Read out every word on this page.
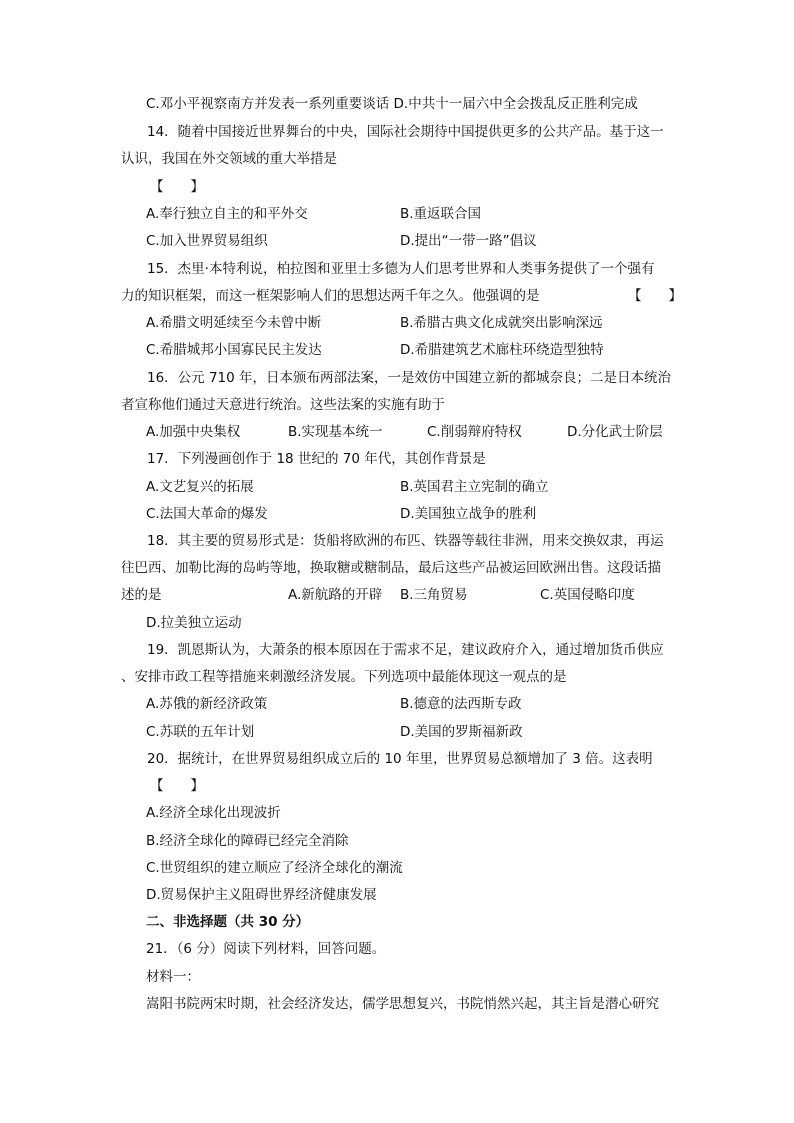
C.邓小平视察南方并发表一系列重要谈话 D.中共十一届六中全会拨乱反正胜利完成
14．随着中国接近世界舞台的中央，国际社会期待中国提供更多的公共产品。基于这一
认识，我国在外交领域的重大举措是
【　　】
A.奉行独立自主的和平外交	B.重返联合国
C.加入世界贸易组织	D.提出“一带一路”倡议
15．杰里·本特利说，柏拉图和亚里士多德为人们思考世界和人类事务提供了一个强有
力的知识框架，而这一框架影响人们的思想达两千年之久。他强调的是	【　　】
A.希腊文明延续至今未曾中断	B.希腊古典文化成就突出影响深远
C.希腊城邦小国寡民民主发达	D.希腊建筑艺术廊柱环绕造型独特
16．公元 710 年，日本颁布两部法案，一是效仿中国建立新的都城奈良；二是日本统治
者宣称他们通过天意进行统治。这些法案的实施有助于
A.加强中央集权	B.实现基本统一	C.削弱辩府特权	D.分化武士阶层
17．下列漫画创作于 18 世纪的 70 年代，其创作背景是
A.文艺复兴的拓展	B.英国君主立宪制的确立
C.法国大革命的爆发	D.美国独立战争的胜利
18．其主要的贸易形式是：货船将欧洲的布匹、铁器等载往非洲，用来交换奴隶，再运
往巴西、加勒比海的岛屿等地，换取糖或糖制品，最后这些产品被运回欧洲出售。这段话描
述的是	A.新航路的开辟 B.三角贸易	C.英国侵略印度
D.拉美独立运动
19．凯恩斯认为，大萧条的根本原因在于需求不足，建议政府介入，通过增加货币供应
、安排市政工程等措施来刺激经济发展。下列选项中最能体现这一观点的是
A.苏俄的新经济政策	B.德意的法西斯专政
C.苏联的五年计划	D.美国的罗斯福新政
20．据统计，在世界贸易组织成立后的 10 年里，世界贸易总额增加了 3 倍。这表明
【　　】
A.经济全球化出现波折
B.经济全球化的障碍已经完全消除
C.世贸组织的建立顺应了经济全球化的潮流
D.贸易保护主义阻碍世界经济健康发展
二、非选择题（共 30 分）
21．（6 分）阅读下列材料，回答问题。
材料一：
嵩阳书院两宋时期，社会经济发达，儒学思想复兴，书院悄然兴起，其主旨是潜心研究
